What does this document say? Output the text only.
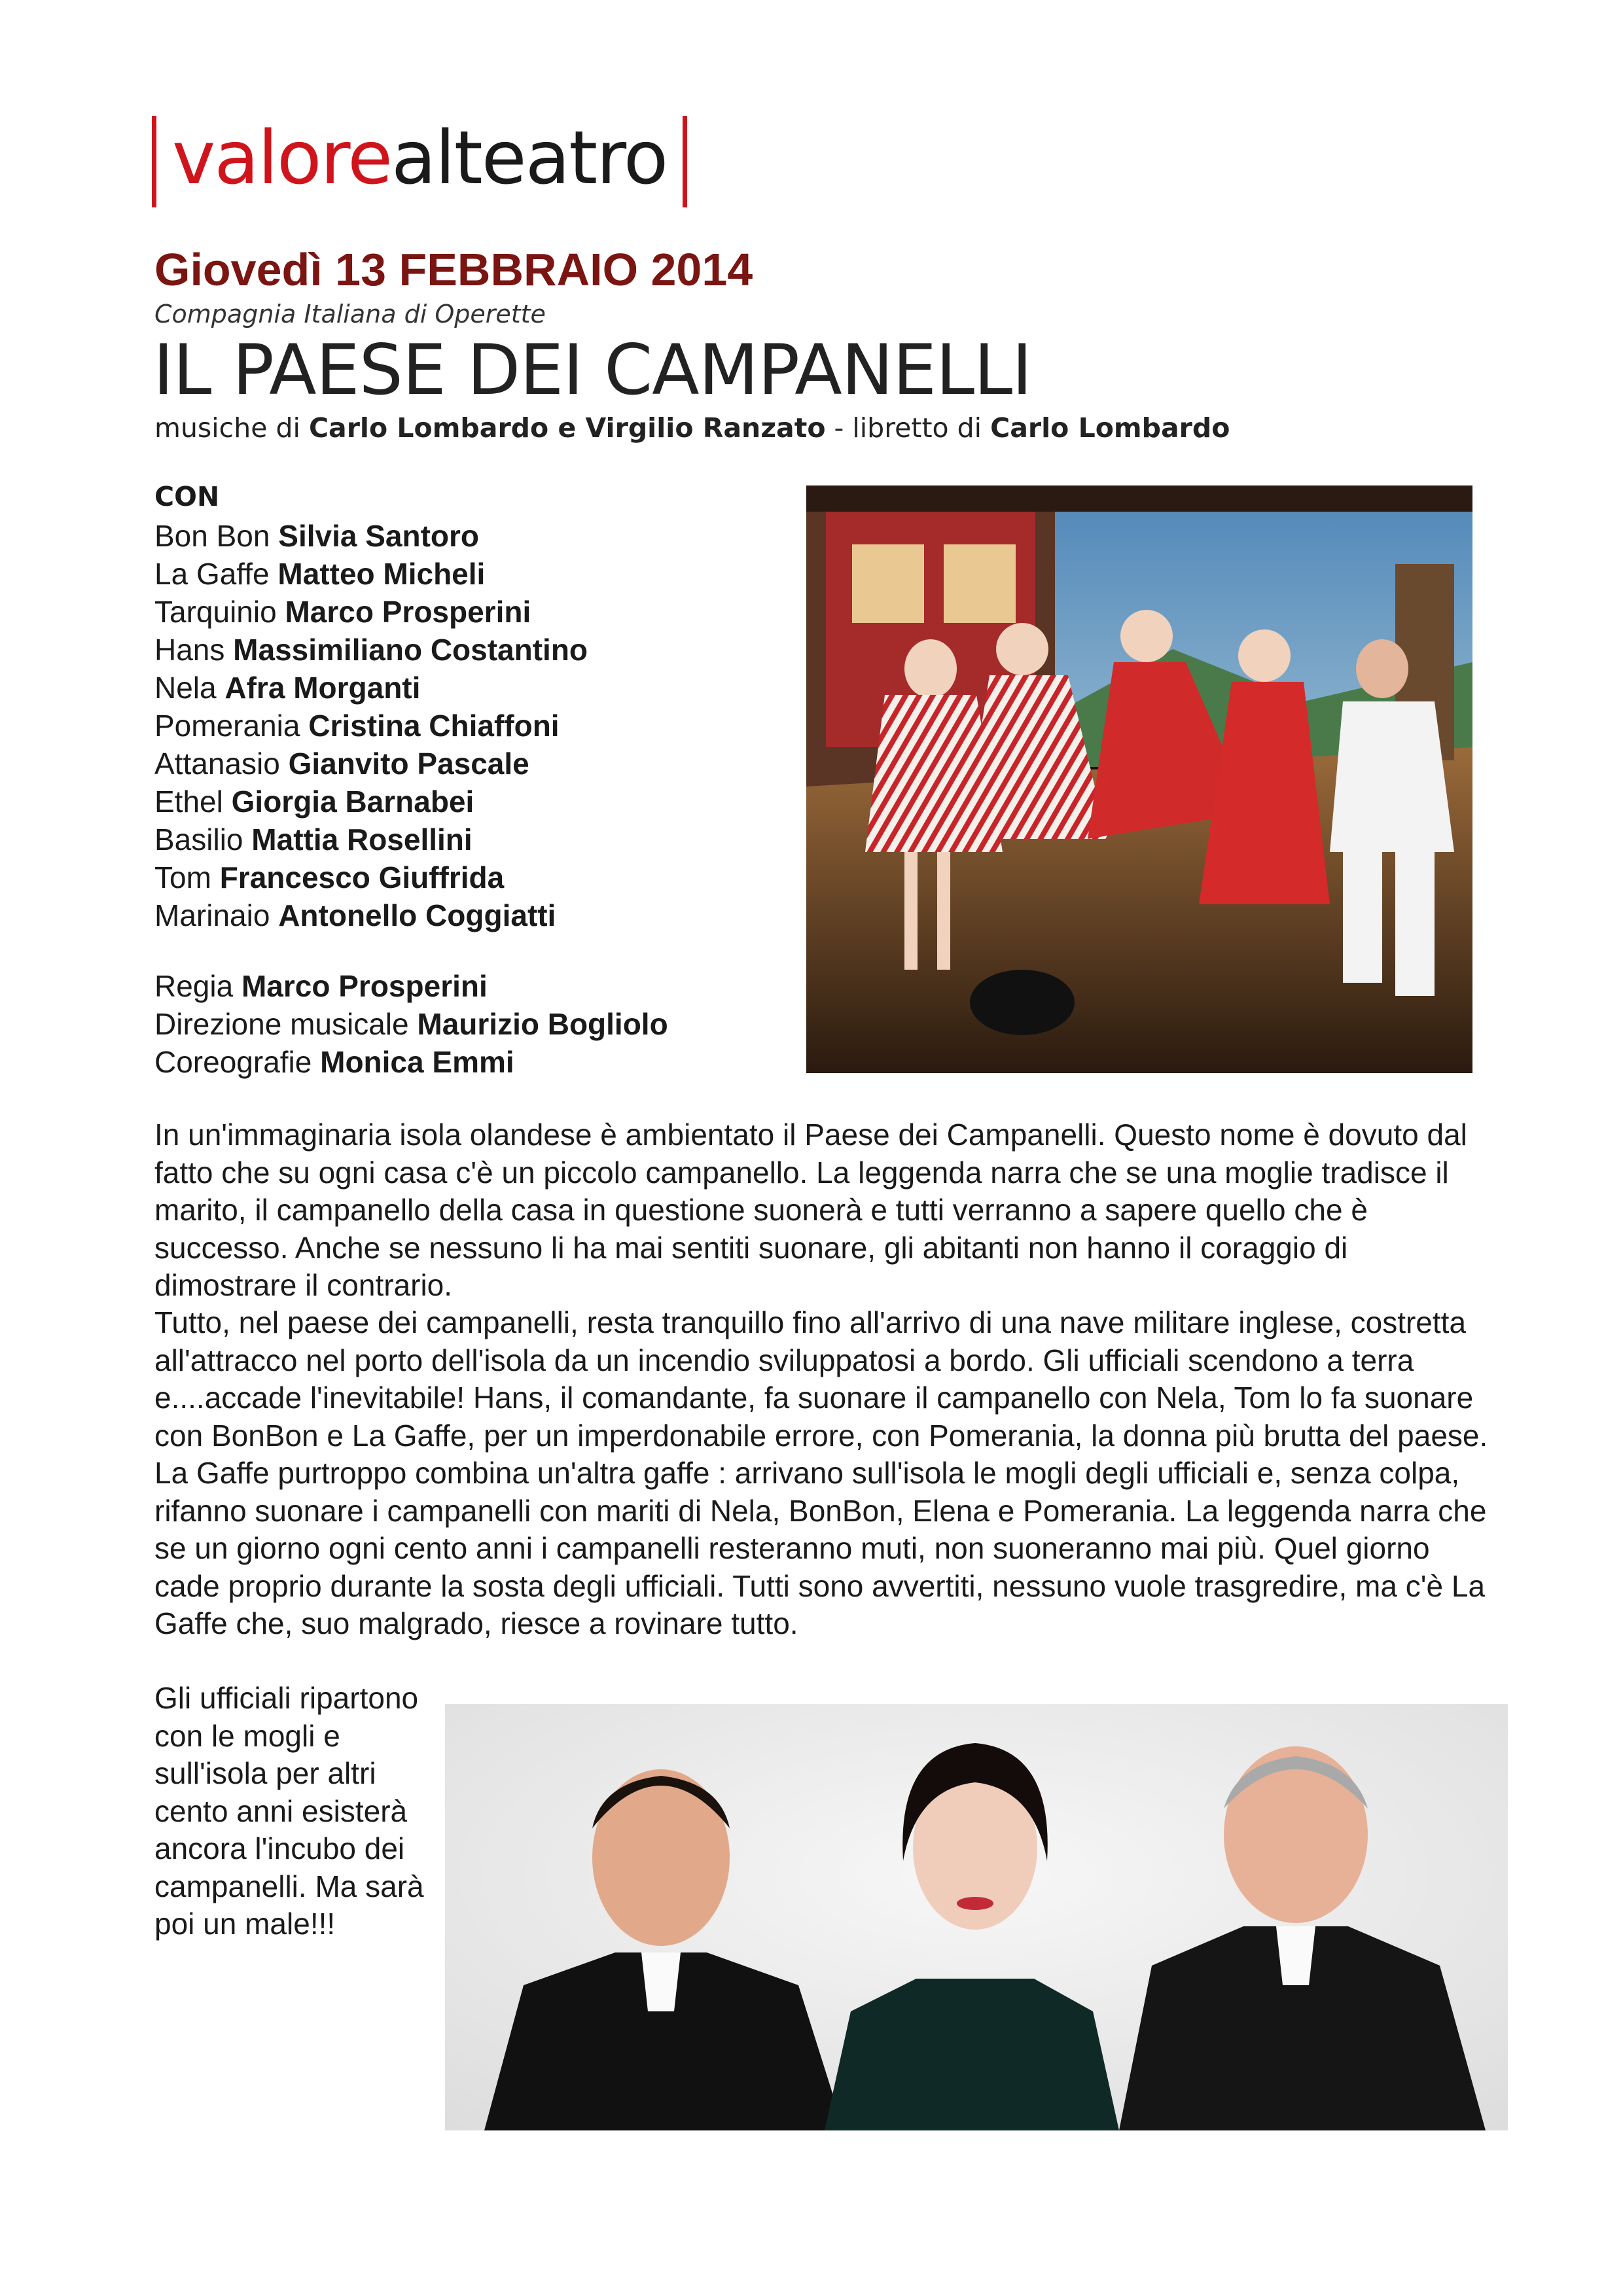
valorealteatro
Giovedì 13 FEBBRAIO 2014
Compagnia Italiana di Operette
IL PAESE DEI CAMPANELLI
musiche di Carlo Lombardo e Virgilio Ranzato - libretto di Carlo Lombardo
CON
Bon Bon Silvia Santoro
La Gaffe Matteo Micheli
Tarquinio Marco Prosperini
Hans Massimiliano Costantino
Nela Afra Morganti
Pomerania Cristina Chiaffoni
Attanasio Gianvito Pascale
Ethel Giorgia Barnabei
Basilio Mattia Rosellini
Tom Francesco Giuffrida
Marinaio Antonello Coggiatti
Regia Marco Prosperini
Direzione musicale Maurizio Bogliolo
Coreografie Monica Emmi

In un'immaginaria isola olandese è ambientato il Paese dei Campanelli. Questo nome è dovuto dal fatto che su ogni casa c'è un piccolo campanello. La leggenda narra che se una moglie tradisce il marito, il campanello della casa in questione suonerà e tutti verranno a sapere quello che è successo. Anche se nessuno li ha mai sentiti suonare, gli abitanti non hanno il coraggio di dimostrare il contrario.

Tutto, nel paese dei campanelli, resta tranquillo fino all'arrivo di una nave militare inglese, costretta all'attracco nel porto dell'isola da un incendio sviluppatosi a bordo. Gli ufficiali scendono a terra e....accade l'inevitabile! Hans, il comandante, fa suonare il campanello con Nela, Tom lo fa suonare con BonBon e La Gaffe, per un imperdonabile errore, con Pomerania, la donna più brutta del paese. La Gaffe purtroppo combina un'altra gaffe : arrivano sull'isola le mogli degli ufficiali e, senza colpa, rifanno suonare i campanelli con mariti di Nela, BonBon, Elena e Pomerania. La leggenda narra che se un giorno ogni cento anni i campanelli resteranno muti, non suoneranno mai più. Quel giorno cade proprio durante la sosta degli ufficiali. Tutti sono avvertiti, nessuno vuole trasgredire, ma c'è La Gaffe che, suo malgrado, riesce a rovinare tutto.

Gli ufficiali ripartono con le mogli e sull'isola per altri cento anni esisterà ancora l'incubo dei campanelli. Ma sarà poi un male!!!
